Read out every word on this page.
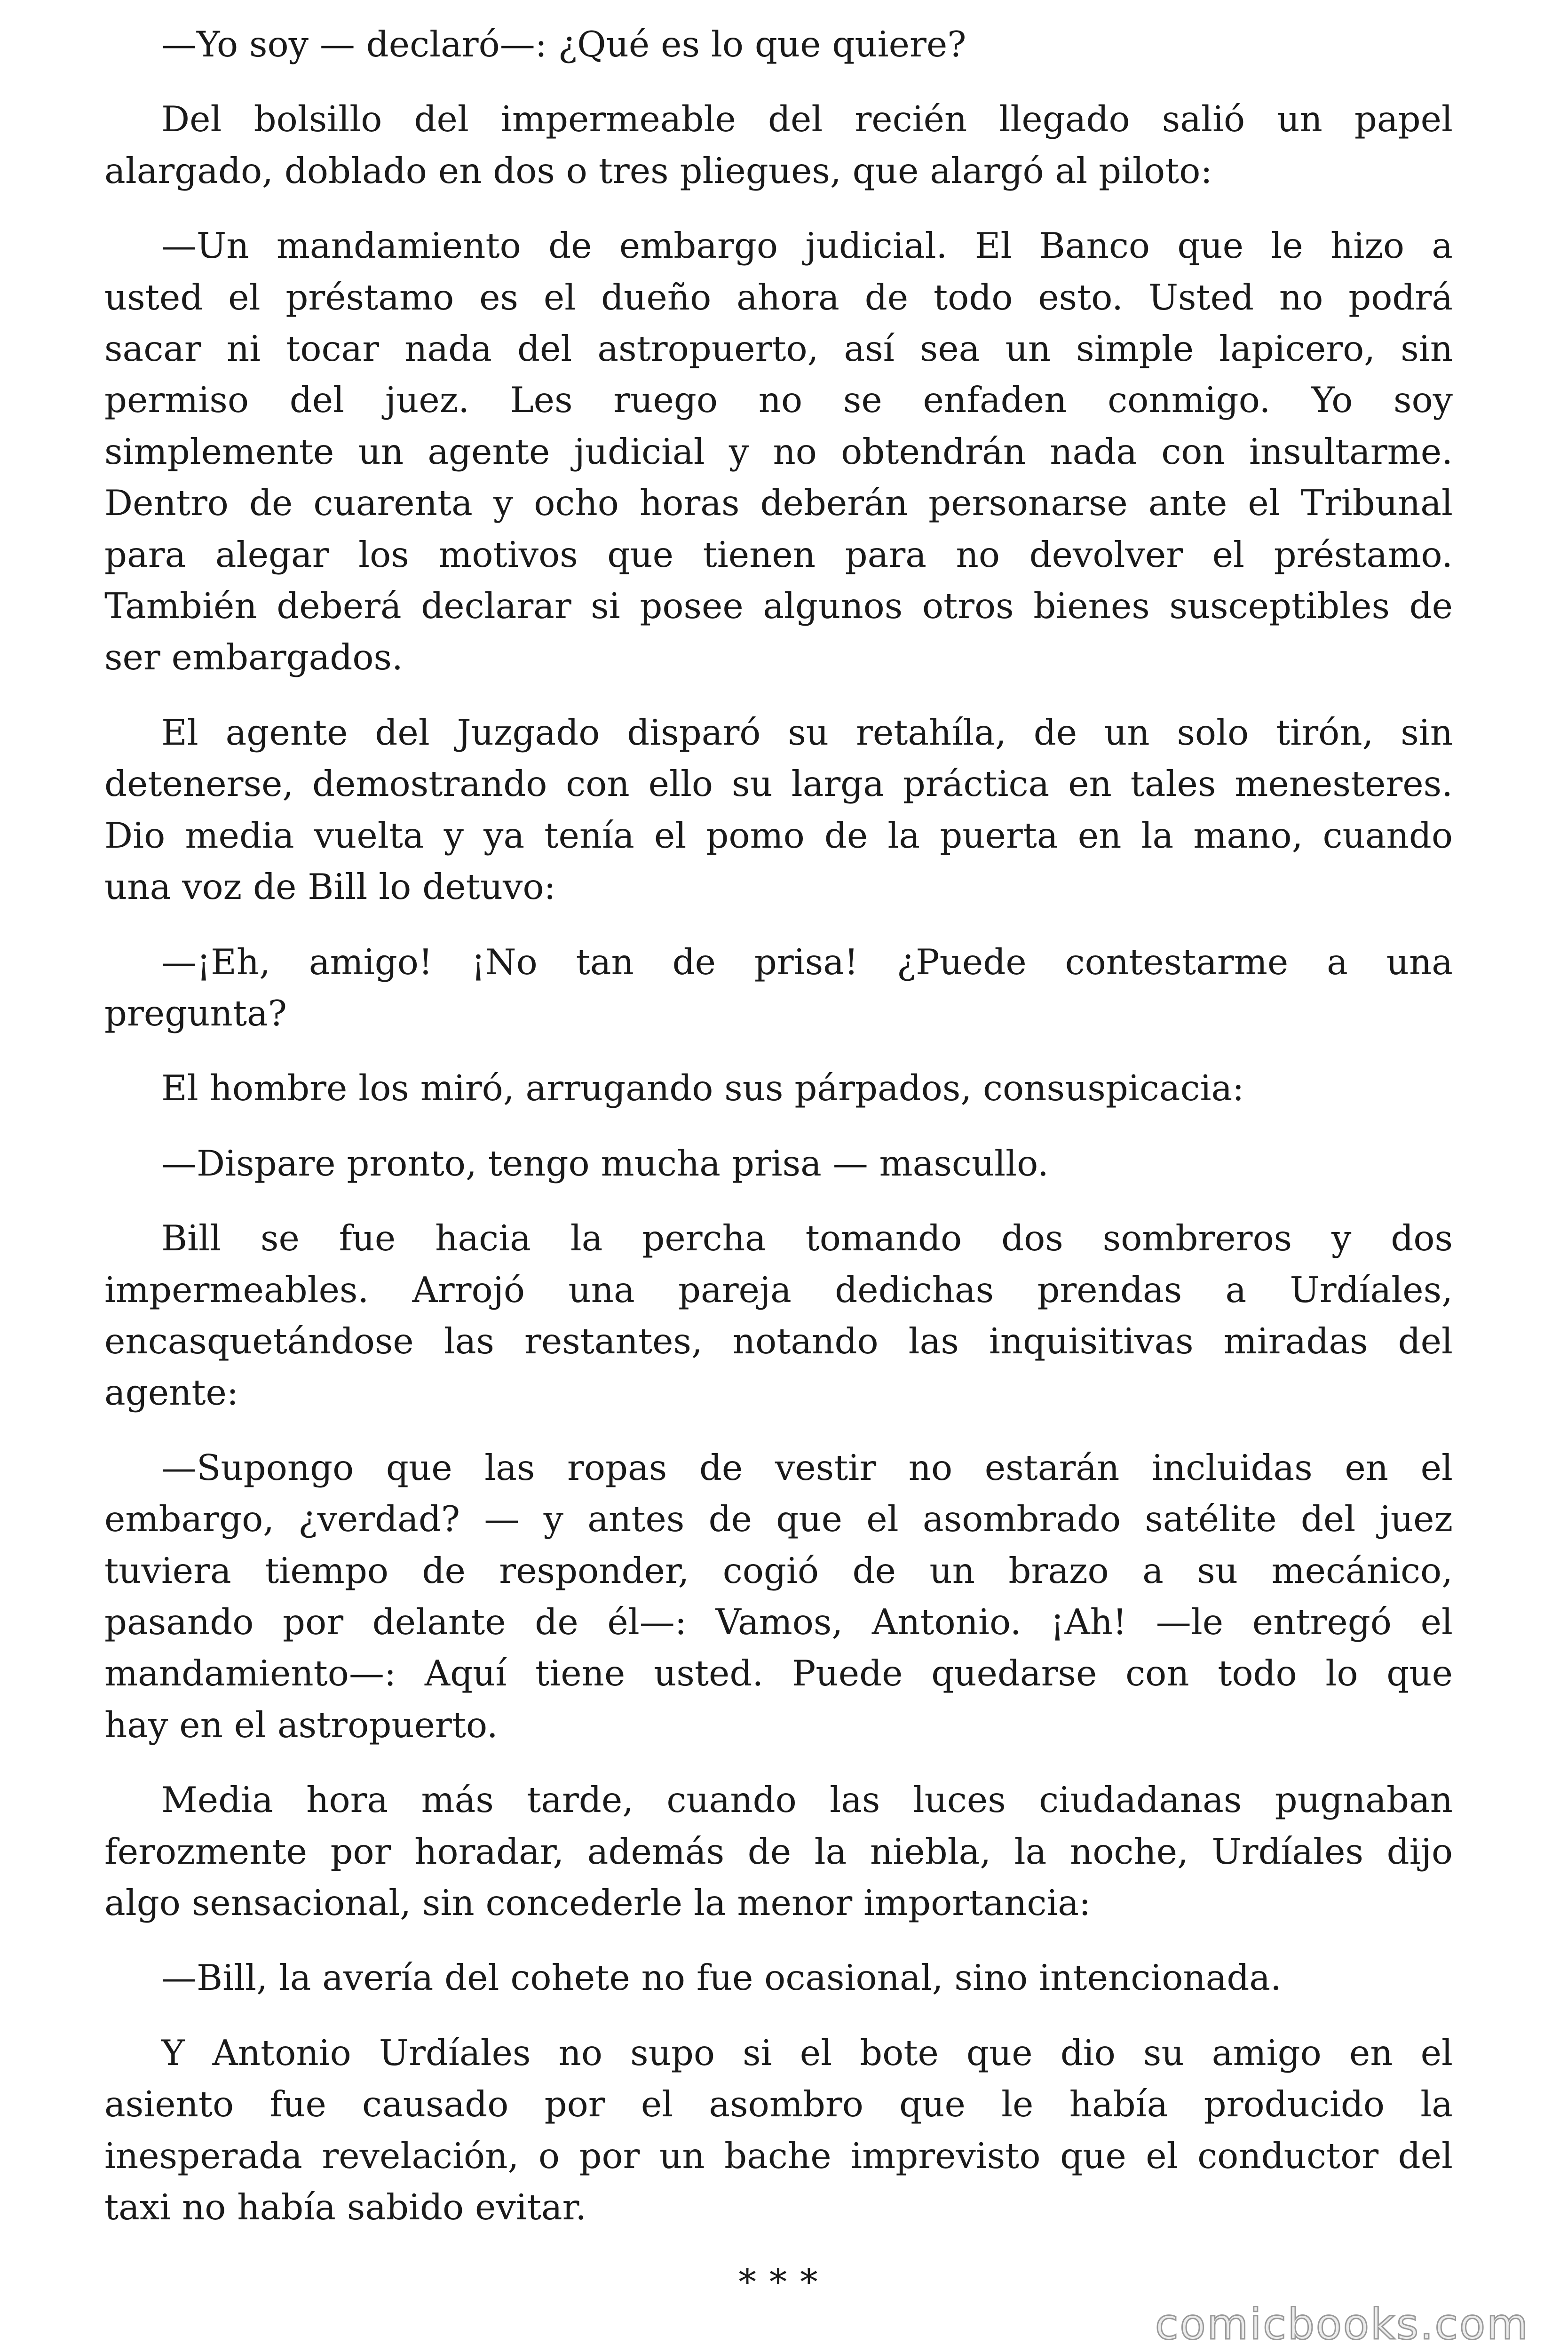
—Yo soy — declaró—: ¿Qué es lo que quiere?
Del bolsillo del impermeable del recién llegado salió un papel
alargado, doblado en dos o tres pliegues, que alargó al piloto:
—Un mandamiento de embargo judicial. El Banco que le hizo a
usted el préstamo es el dueño ahora de todo esto. Usted no podrá
sacar ni tocar nada del astropuerto, así sea un simple lapicero, sin
permiso del juez. Les ruego no se enfaden conmigo. Yo soy
simplemente un agente judicial y no obtendrán nada con insultarme.
Dentro de cuarenta y ocho horas deberán personarse ante el Tribunal
para alegar los motivos que tienen para no devolver el préstamo.
También deberá declarar si posee algunos otros bienes susceptibles de
ser embargados.
El agente del Juzgado disparó su retahíla, de un solo tirón, sin
detenerse, demostrando con ello su larga práctica en tales menesteres.
Dio media vuelta y ya tenía el pomo de la puerta en la mano, cuando
una voz de Bill lo detuvo:
—¡Eh, amigo! ¡No tan de prisa! ¿Puede contestarme a una
pregunta?
El hombre los miró, arrugando sus párpados, consuspicacia:
—Dispare pronto, tengo mucha prisa — mascullo.
Bill se fue hacia la percha tomando dos sombreros y dos
impermeables. Arrojó una pareja dedichas prendas a Urdíales,
encasquetándose las restantes, notando las inquisitivas miradas del
agente:
—Supongo que las ropas de vestir no estarán incluidas en el
embargo, ¿verdad? — y antes de que el asombrado satélite del juez
tuviera tiempo de responder, cogió de un brazo a su mecánico,
pasando por delante de él—: Vamos, Antonio. ¡Ah! —le entregó el
mandamiento—: Aquí tiene usted. Puede quedarse con todo lo que
hay en el astropuerto.
Media hora más tarde, cuando las luces ciudadanas pugnaban
ferozmente por horadar, además de la niebla, la noche, Urdíales dijo
algo sensacional, sin concederle la menor importancia:
—Bill, la avería del cohete no fue ocasional, sino intencionada.
Y Antonio Urdíales no supo si el bote que dio su amigo en el
asiento fue causado por el asombro que le había producido la
inesperada revelación, o por un bache imprevisto que el conductor del
taxi no había sabido evitar.
* * *
comicbooks.com
